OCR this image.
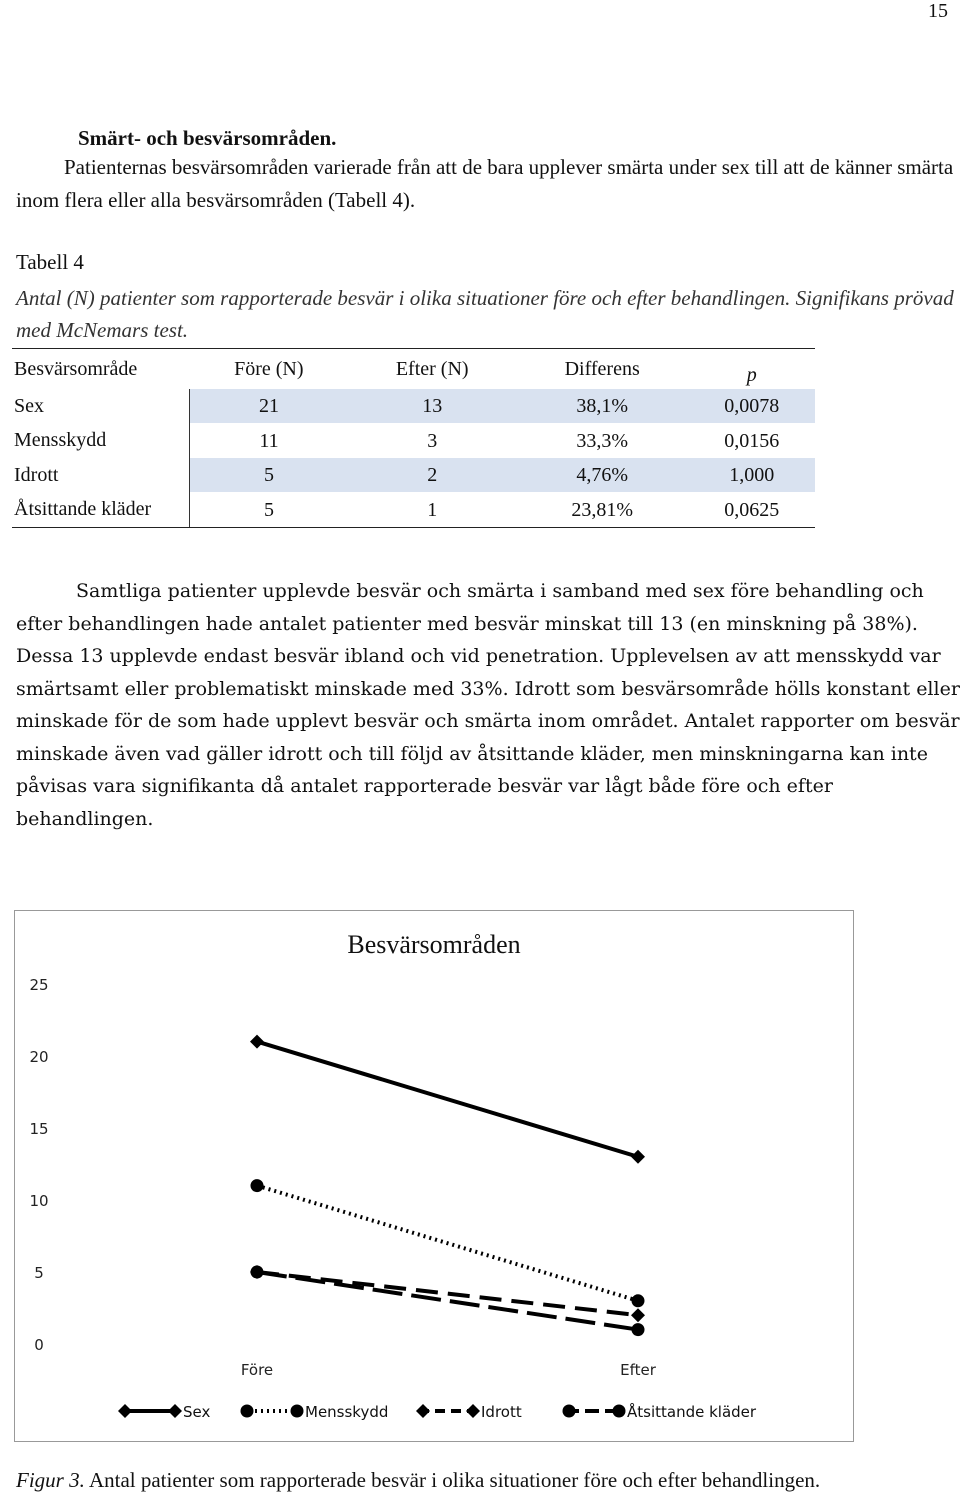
15
Smärt- och besvärsområden.

Patienternas besvärsområden varierade från att de bara upplever smärta under sex till att de känner smärta inom flera eller alla besvärsområden (Tabell 4).

Tabell 4
Antal (N) patienter som rapporterade besvär i olika situationer före och efter behandlingen. Signifikans prövad med McNemars test.
Besvärsområde	Före (N)	Efter (N)	Differens	p
Sex	21	13	38,1%	0,0078
Mensskydd	11	3	33,3%	0,0156
Idrott	5	2	4,76%	1,000
Åtsittande kläder	5	1	23,81%	0,0625

Samtliga patienter upplevde besvär och smärta i samband med sex före behandling och efter behandlingen hade antalet patienter med besvär minskat till 13 (en minskning på 38%). Dessa 13 upplevde endast besvär ibland och vid penetration. Upplevelsen av att mensskydd var smärtsamt eller problematiskt minskade med 33%. Idrott som besvärsområde hölls konstant eller minskade för de som hade upplevt besvär och smärta inom området. Antalet rapporter om besvär minskade även vad gäller idrott och till följd av åtsittande kläder, men minskningarna kan inte påvisas vara signifikanta då antalet rapporterade besvär var lågt både före och efter behandlingen.

Besvärsområden
0
5
10
15
20
25
Före	Efter
Sex	Mensskydd	Idrott	Åtsittande kläder
Figur 3. Antal patienter som rapporterade besvär i olika situationer före och efter behandlingen.
